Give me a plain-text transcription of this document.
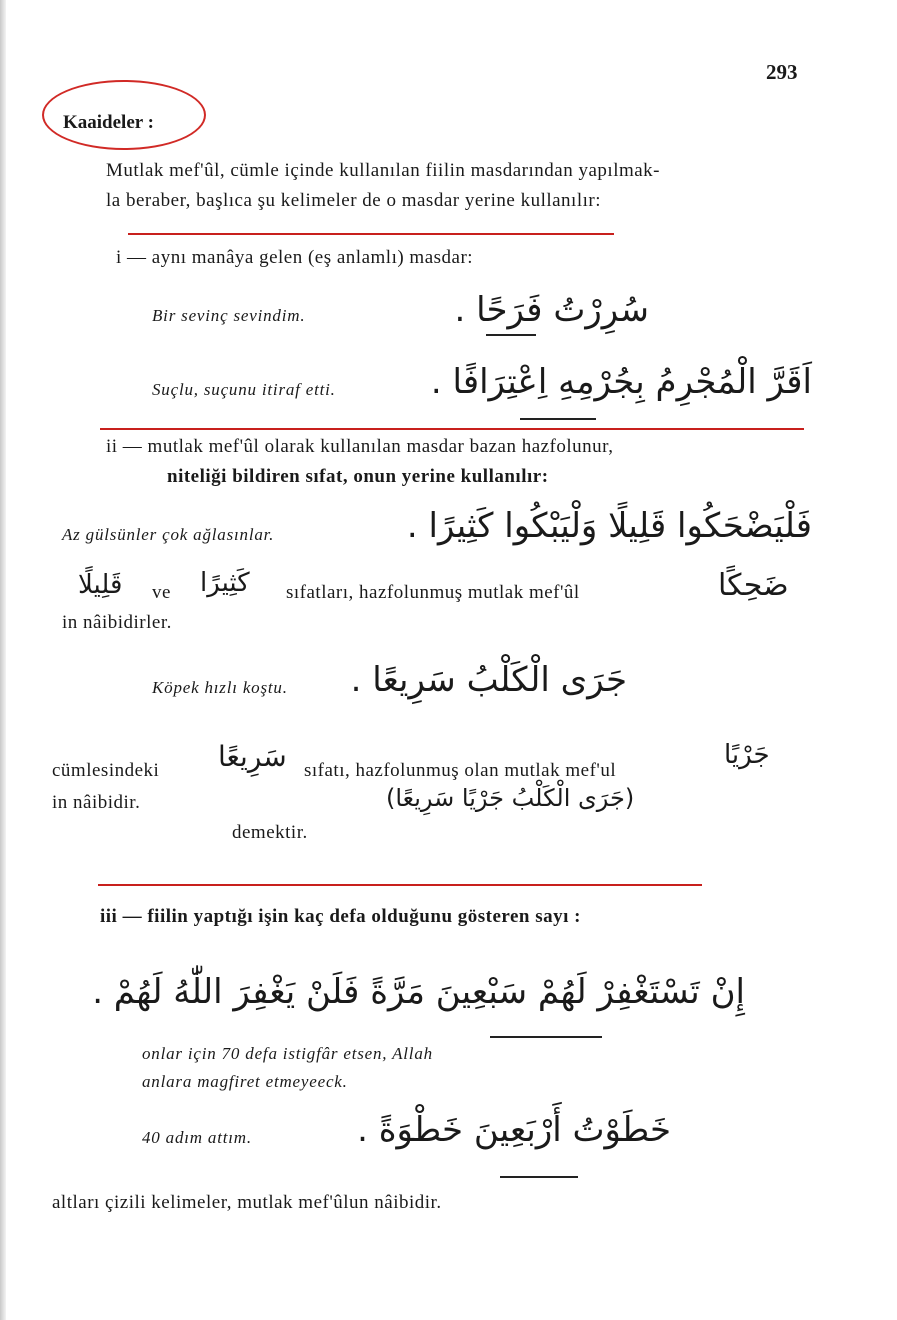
293
Kaaideler :
Mutlak mef'ûl, cümle içinde kullanılan fiilin masdarından yapılmak-
la beraber, başlıca şu kelimeler de o masdar yerine kullanılır:
i — aynı manâya gelen (eş anlamlı) masdar:
Bir sevinç sevindim.	سُرِرْتُ فَرَحًا .
Suçlu, suçunu itiraf etti.	اَقَرَّ الْمُجْرِمُ بِجُرْمِهِ اِعْتِرَافًا .
ii — mutlak mef'ûl olarak kullanılan masdar bazan hazfolunur,
niteliği bildiren sıfat, onun yerine kullanılır:
Az gülsünler çok ağlasınlar.	فَلْيَضْحَكُوا قَلِيلًا وَلْيَبْكُوا كَثِيرًا .
قَلِيلًا ve كَثِيرًا sıfatları, hazfolunmuş mutlak mef'ûl	ضَحِكًا
in nâibidirler.
Köpek hızlı koştu. جَرَى الْكَلْبُ سَرِيعًا .
cümlesindeki سَرِيعًا sıfatı, hazfolunmuş olan mutlak mef'ul
جَرْيًا
in nâibidir.	(جَرَى الْكَلْبُ جَرْيًا سَرِيعًا)
demektir.
iii — fiilin yaptığı işin kaç defa olduğunu gösteren sayı :
إِنْ تَسْتَغْفِرْ لَهُمْ سَبْعِينَ مَرَّةً فَلَنْ يَغْفِرَ اللّٰهُ لَهُمْ .
onlar için 70 defa istigfâr etsen, Allah
anlara magfiret etmeyeeck.
40 adım attım.	خَطَوْتُ أَرْبَعِينَ خَطْوَةً .
altları çizili kelimeler, mutlak mef'ûlun nâibidir.
